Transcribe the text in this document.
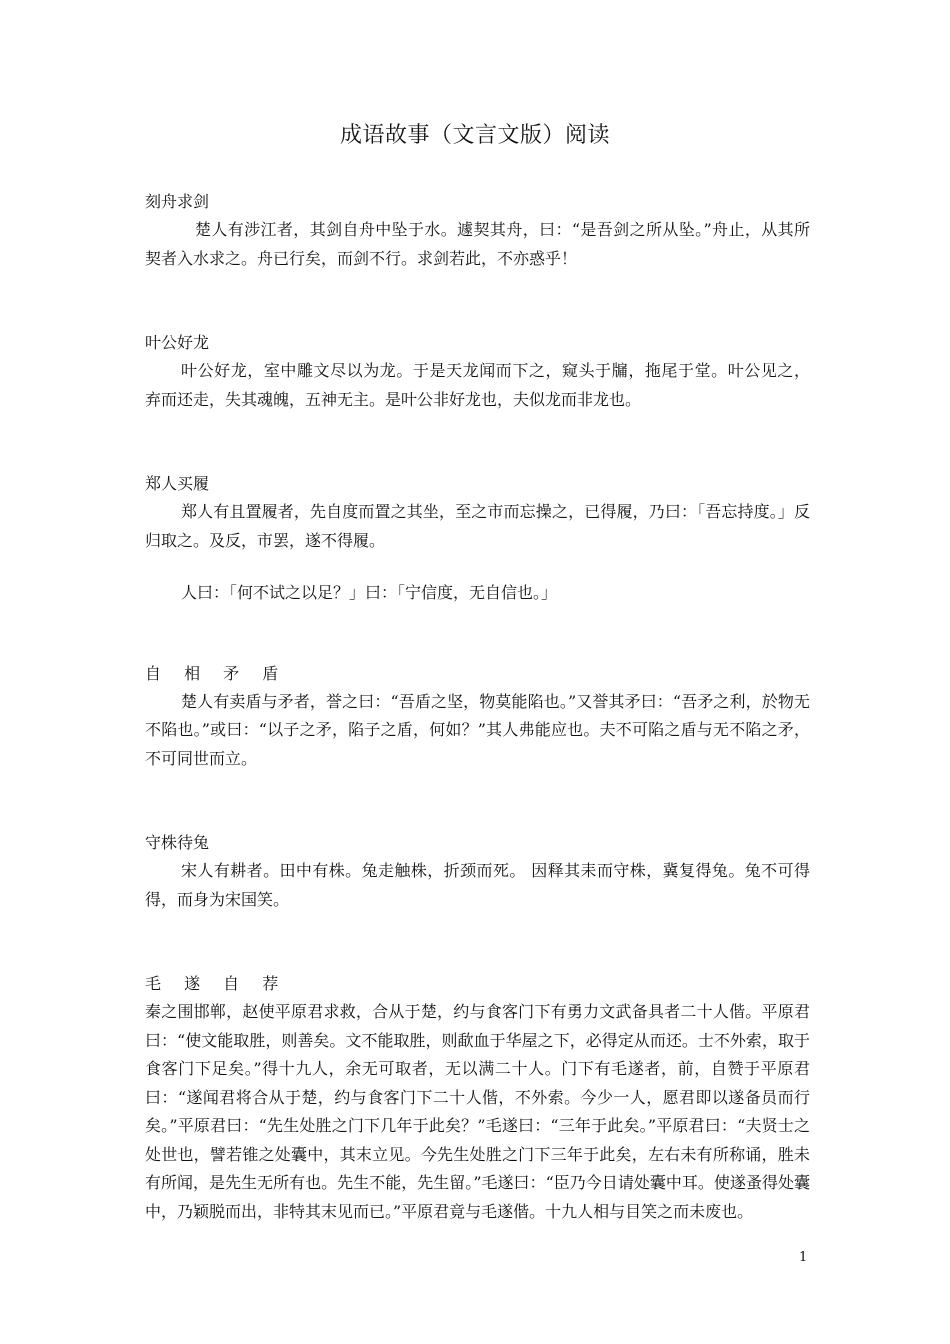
成语故事（文言文版）阅读
刻舟求剑

楚人有涉江者，其剑自舟中坠于水。遽契其舟，曰：“是吾剑之所从坠。”舟止，从其所契者入水求之。舟已行矣，而剑不行。求剑若此，不亦惑乎！

叶公好龙

叶公好龙，室中雕文尽以为龙。于是天龙闻而下之，窥头于牖，拖尾于堂。叶公见之， 弃而还走，失其魂魄，五神无主。是叶公非好龙也，夫似龙而非龙也。

郑人买履

郑人有且置履者，先自度而置之其坐，至之市而忘操之，已得履，乃曰：「吾忘持度。」反归取之。及反，市罢，遂不得履。

人曰：「何不试之以足？」曰：「宁信度，无自信也。」

自 相 矛 盾

楚人有卖盾与矛者，誉之曰：“吾盾之坚，物莫能陷也。”又誉其矛曰：“吾矛之利，於物无不陷也。”或曰：“以子之矛，陷子之盾，何如？”其人弗能应也。夫不可陷之盾与无不陷之矛，不可同世而立。

守株待兔

宋人有耕者。田中有株。兔走触株，折颈而死。 因释其耒而守株，冀复得兔。兔不可得得，而身为宋国笑。

毛 遂 自 荐

秦之围邯郸，赵使平原君求救，合从于楚，约与食客门下有勇力文武备具者二十人偕。平原君曰：“使文能取胜，则善矣。文不能取胜，则歃血于华屋之下，必得定从而还。士不外索，取于食客门下足矣。”得十九人，余无可取者，无以满二十人。门下有毛遂者，前，自赞于平原君曰：“遂闻君将合从于楚，约与食客门下二十人偕，不外索。今少一人，愿君即以遂备员而行矣。”平原君曰：“先生处胜之门下几年于此矣？”毛遂曰：“三年于此矣。”平原君曰：“夫贤士之处世也，譬若锥之处囊中，其末立见。今先生处胜之门下三年于此矣，左右未有所称诵，胜未有所闻，是先生无所有也。先生不能，先生留。”毛遂曰：“臣乃今日请处囊中耳。使遂蚤得处囊中，乃颖脱而出，非特其末见而已。”平原君竟与毛遂偕。十九人相与目笑之而未废也。

1
